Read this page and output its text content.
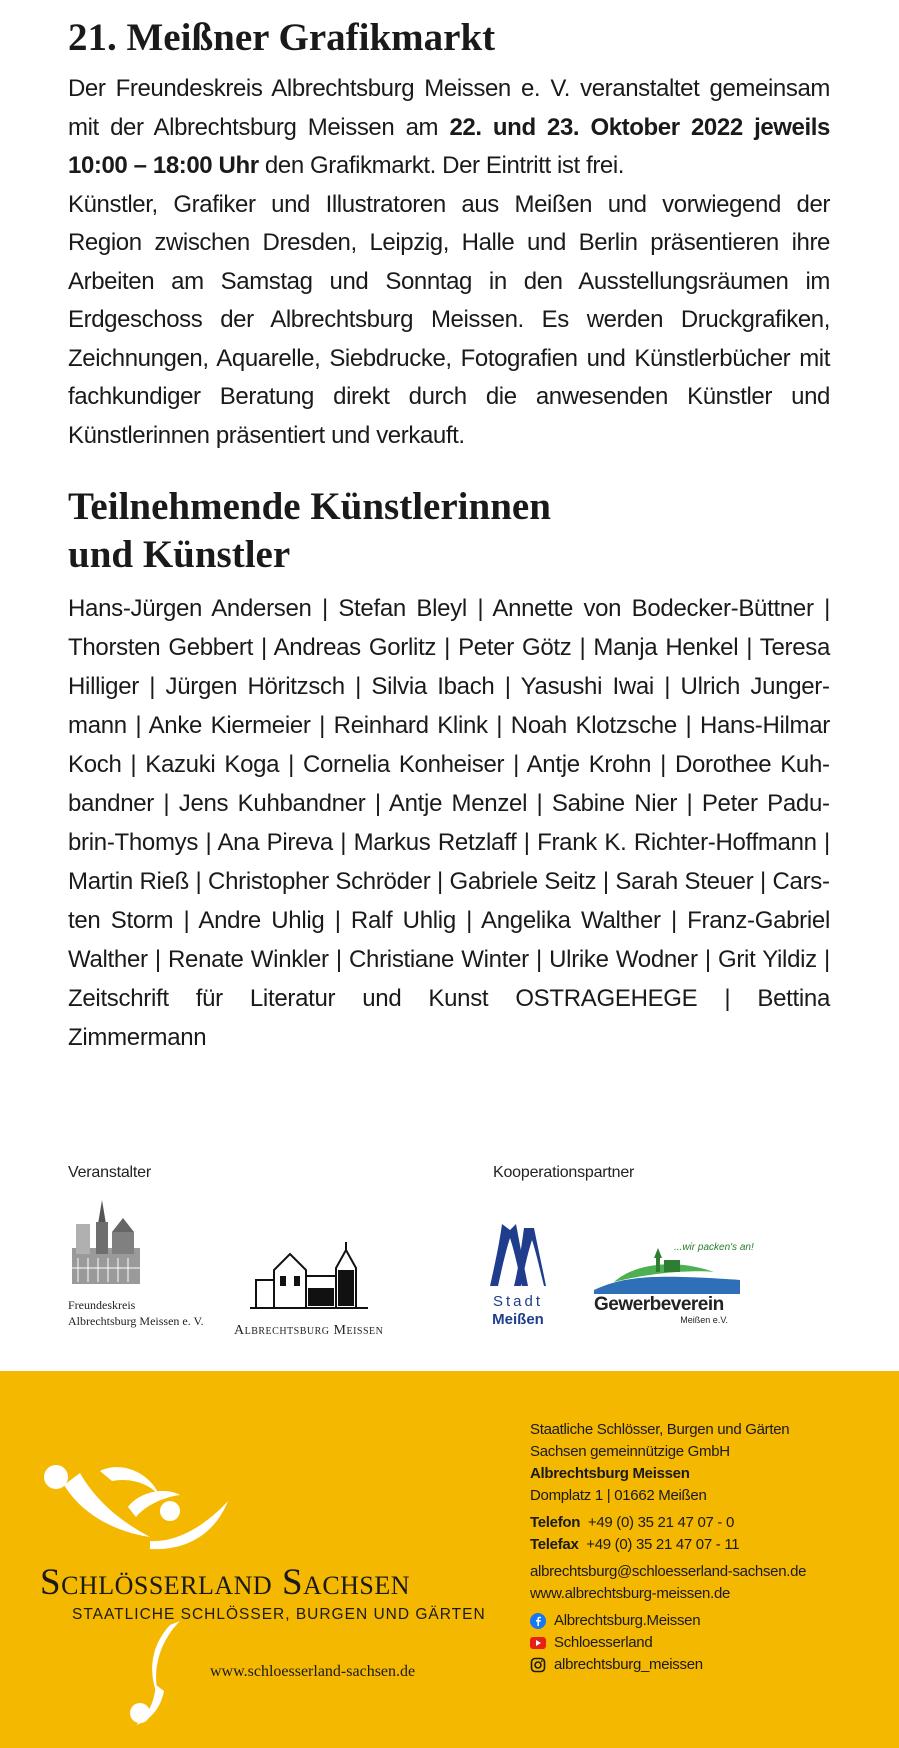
21. Meißner Grafikmarkt

Der Freundeskreis Albrechtsburg Meissen e. V. veranstaltet gemeinsam mit der Albrechtsburg Meissen am 22. und 23. Oktober 2022 jeweils 10:00 – 18:00 Uhr den Grafikmarkt. Der Eintritt ist frei.

Künstler, Grafiker und Illustratoren aus Meißen und vorwiegend der Region zwischen Dresden, Leipzig, Halle und Berlin präsentieren ihre Arbeiten am Samstag und Sonntag in den Ausstellungsräumen im Erdgeschoss der Albrechtsburg Meissen. Es werden Druckgrafiken, Zeichnungen, Aquarelle, Siebdrucke, Fotografien und Künstlerbücher mit fachkundiger Beratung direkt durch die anwesenden Künstler und Künstlerinnen präsentiert und verkauft.

Teilnehmende Künstlerinnen
und Künstler

Hans-Jürgen Andersen | Stefan Bleyl | Annette von Bodecker-Büttner | Thorsten Gebbert | Andreas Gorlitz | Peter Götz | Manja Henkel | Teresa Hilliger | Jürgen Höritzsch | Silvia Ibach | Yasushi Iwai | Ulrich Jungermann | Anke Kiermeier | Reinhard Klink | Noah Klotzsche | Hans-Hilmar Koch | Kazuki Koga | Cornelia Konheiser | Antje Krohn | Dorothee Kuhbandner | Jens Kuhbandner | Antje Menzel | Sabine Nier | Peter Padubrin-Thomys | Ana Pireva | Markus Retzlaff | Frank K. Richter-Hoffmann | Martin Rieß | Christopher Schröder | Gabriele Seitz | Sarah Steuer | Carsten Storm | Andre Uhlig | Ralf Uhlig | Angelika Walther | Franz-Gabriel Walther | Renate Winkler | Christiane Winter | Ulrike Wodner | Grit Yildiz | Zeitschrift für Literatur und Kunst OSTRAGEHEGE | Bettina Zimmermann

Veranstalter	Kooperationspartner
Freundeskreis
Albrechtsburg Meissen e. V.
Albrechtsburg Meissen
Stadt
Meißen
...wir packen's an!
Gewerbeverein
Meißen e.V.
Schlösserland Sachsen
STAATLICHE SCHLÖSSER, BURGEN UND GÄRTEN
www.schloesserland-sachsen.de
Staatliche Schlösser, Burgen und Gärten
Sachsen gemeinnützige GmbH
Albrechtsburg Meissen
Domplatz 1 | 01662 Meißen
Telefon +49 (0) 35 21 47 07 - 0
Telefax +49 (0) 35 21 47 07 - 11
albrechtsburg@schloesserland-sachsen.de
www.albrechtsburg-meissen.de
Albrechtsburg.Meissen
Schloesserland
albrechtsburg_meissen
